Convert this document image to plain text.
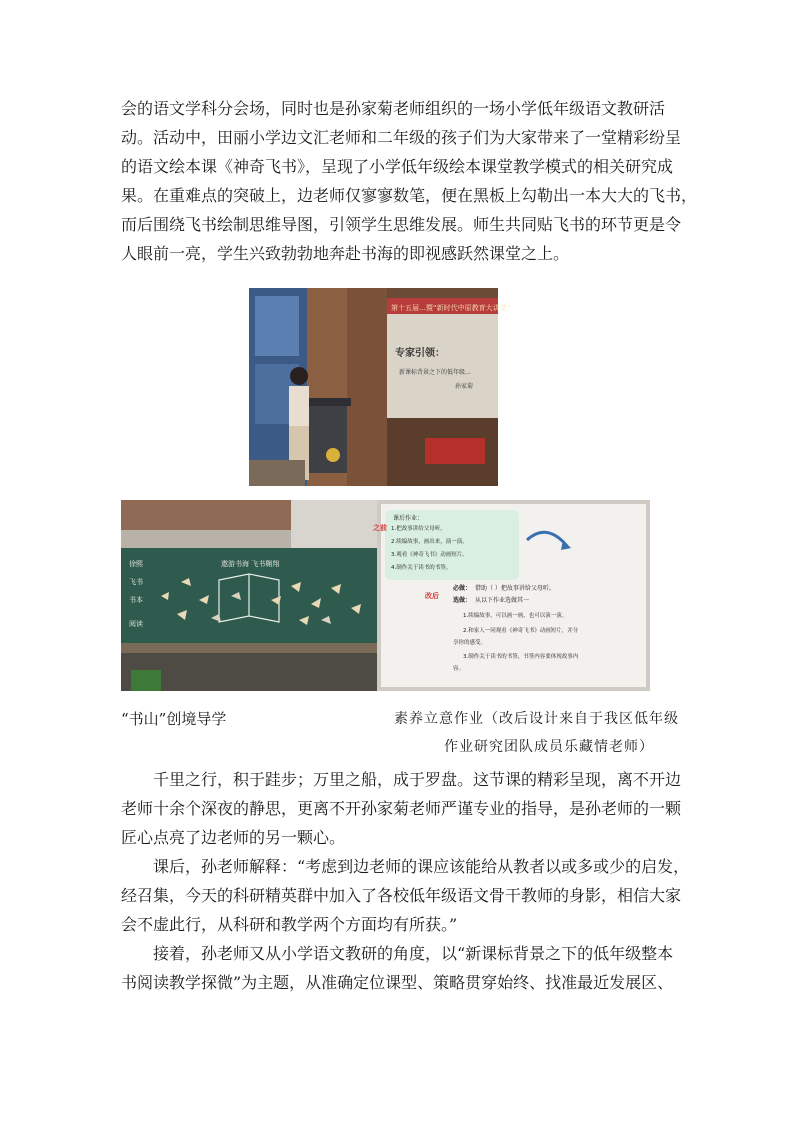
会的语文学科分会场，同时也是孙家菊老师组织的一场小学低年级语文教研活
动。活动中，田丽小学边文汇老师和二年级的孩子们为大家带来了一堂精彩纷呈
的语文绘本课《神奇飞书》，呈现了小学低年级绘本课堂教学模式的相关研究成
果。在重难点的突破上，边老师仅寥寥数笔，便在黑板上勾勒出一本大大的飞书，
而后围绕飞书绘制思维导图，引领学生思维发展。师生共同贴飞书的环节更是令
人眼前一亮，学生兴致勃勃地奔赴书海的即视感跃然课堂之上。
第十五届…暨“新时代中原教育大讲堂”
专家引领：
新课标背景之下的低年级…
孙家菊
遨游书海 飞书翱翔
徐熙
飞书
书本
阅读
课后作业：
之前 1.把故事讲给父母听。
2.续编故事，画出来，演一演。
3.观看《神奇飞书》动画短片。
4.制作关于读书的书签。
必做： 借助（ ）把故事讲给父母听。
改后
选做： 从以下作业选做其一
1.续编故事，可以画一画，也可以演一演。
2.和家人一同观看《神奇飞书》动画短片，并分
享你的感受。
3.制作关于读书的书签，书签内容要体现故事内
容。
“书山”创境导学	素养立意作业（改后设计来自于我区低年级
作业研究团队成员乐藏情老师）
千里之行，积于跬步；万里之船，成于罗盘。这节课的精彩呈现，离不开边
老师十余个深夜的静思，更离不开孙家菊老师严谨专业的指导，是孙老师的一颗
匠心点亮了边老师的另一颗心。
课后，孙老师解释：“考虑到边老师的课应该能给从教者以或多或少的启发，
经召集，今天的科研精英群中加入了各校低年级语文骨干教师的身影，相信大家
会不虚此行，从科研和教学两个方面均有所获。”
接着，孙老师又从小学语文教研的角度，以“新课标背景之下的低年级整本
书阅读教学探微”为主题，从准确定位课型、策略贯穿始终、找准最近发展区、
